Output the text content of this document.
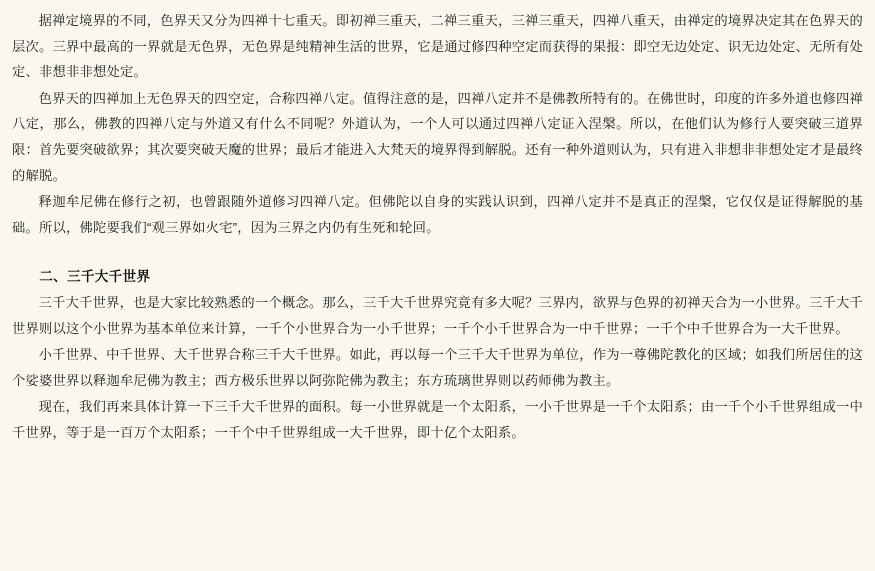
据禅定境界的不同，色界天又分为四禅十七重天。即初禅三重天，二禅三重天，三禅三重天，四禅八重天，由禅定的境界决定其在色界天的层次。三界中最高的一界就是无色界，无色界是纯精神生活的世界，它是通过修四种空定而获得的果报：即空无边处定、识无边处定、无所有处定、非想非非想处定。

色界天的四禅加上无色界天的四空定，合称四禅八定。值得注意的是，四禅八定并不是佛教所特有的。在佛世时，印度的许多外道也修四禅八定，那么，佛教的四禅八定与外道又有什么不同呢？外道认为，一个人可以通过四禅八定证入涅槃。所以，在他们认为修行人要突破三道界限：首先要突破欲界；其次要突破天魔的世界；最后才能进入大梵天的境界得到解脱。还有一种外道则认为，只有进入非想非非想处定才是最终的解脱。

释迦牟尼佛在修行之初，也曾跟随外道修习四禅八定。但佛陀以自身的实践认识到，四禅八定并不是真正的涅槃，它仅仅是证得解脱的基础。所以，佛陀要我们“观三界如火宅”，因为三界之内仍有生死和轮回。

二、三千大千世界

三千大千世界，也是大家比较熟悉的一个概念。那么，三千大千世界究竟有多大呢？三界内，欲界与色界的初禅天合为一小世界。三千大千世界则以这个小世界为基本单位来计算，一千个小世界合为一小千世界；一千个小千世界合为一中千世界；一千个中千世界合为一大千世界。

小千世界、中千世界、大千世界合称三千大千世界。如此，再以每一个三千大千世界为单位，作为一尊佛陀教化的区域；如我们所居住的这个娑婆世界以释迦牟尼佛为教主；西方极乐世界以阿弥陀佛为教主；东方琉璃世界则以药师佛为教主。

现在，我们再来具体计算一下三千大千世界的面积。每一小世界就是一个太阳系，一小千世界是一千个太阳系；由一千个小千世界组成一中千世界，等于是一百万个太阳系；一千个中千世界组成一大千世界，即十亿个太阳系。
